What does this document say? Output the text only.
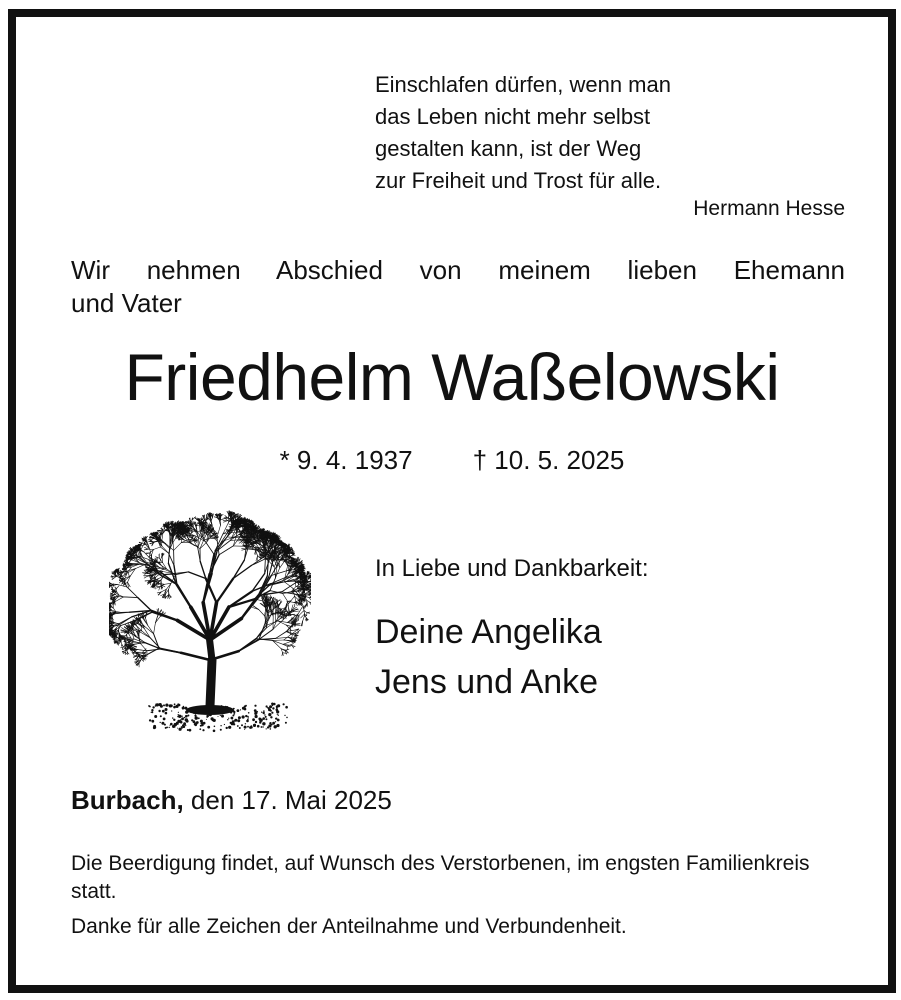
Einschlafen dürfen, wenn man
das Leben nicht mehr selbst
gestalten kann, ist der Weg
zur Freiheit und Trost für alle.
Hermann Hesse
Wir nehmen Abschied von meinem lieben Ehemann
und Vater
Friedhelm Waßelowski
* 9. 4. 1937 † 10. 5. 2025
In Liebe und Dankbarkeit:
Deine Angelika
Jens und Anke
Burbach, den 17. Mai 2025
Die Beerdigung findet, auf Wunsch des Verstorbenen, im engsten Familienkreis statt.
Danke für alle Zeichen der Anteilnahme und Verbundenheit.
